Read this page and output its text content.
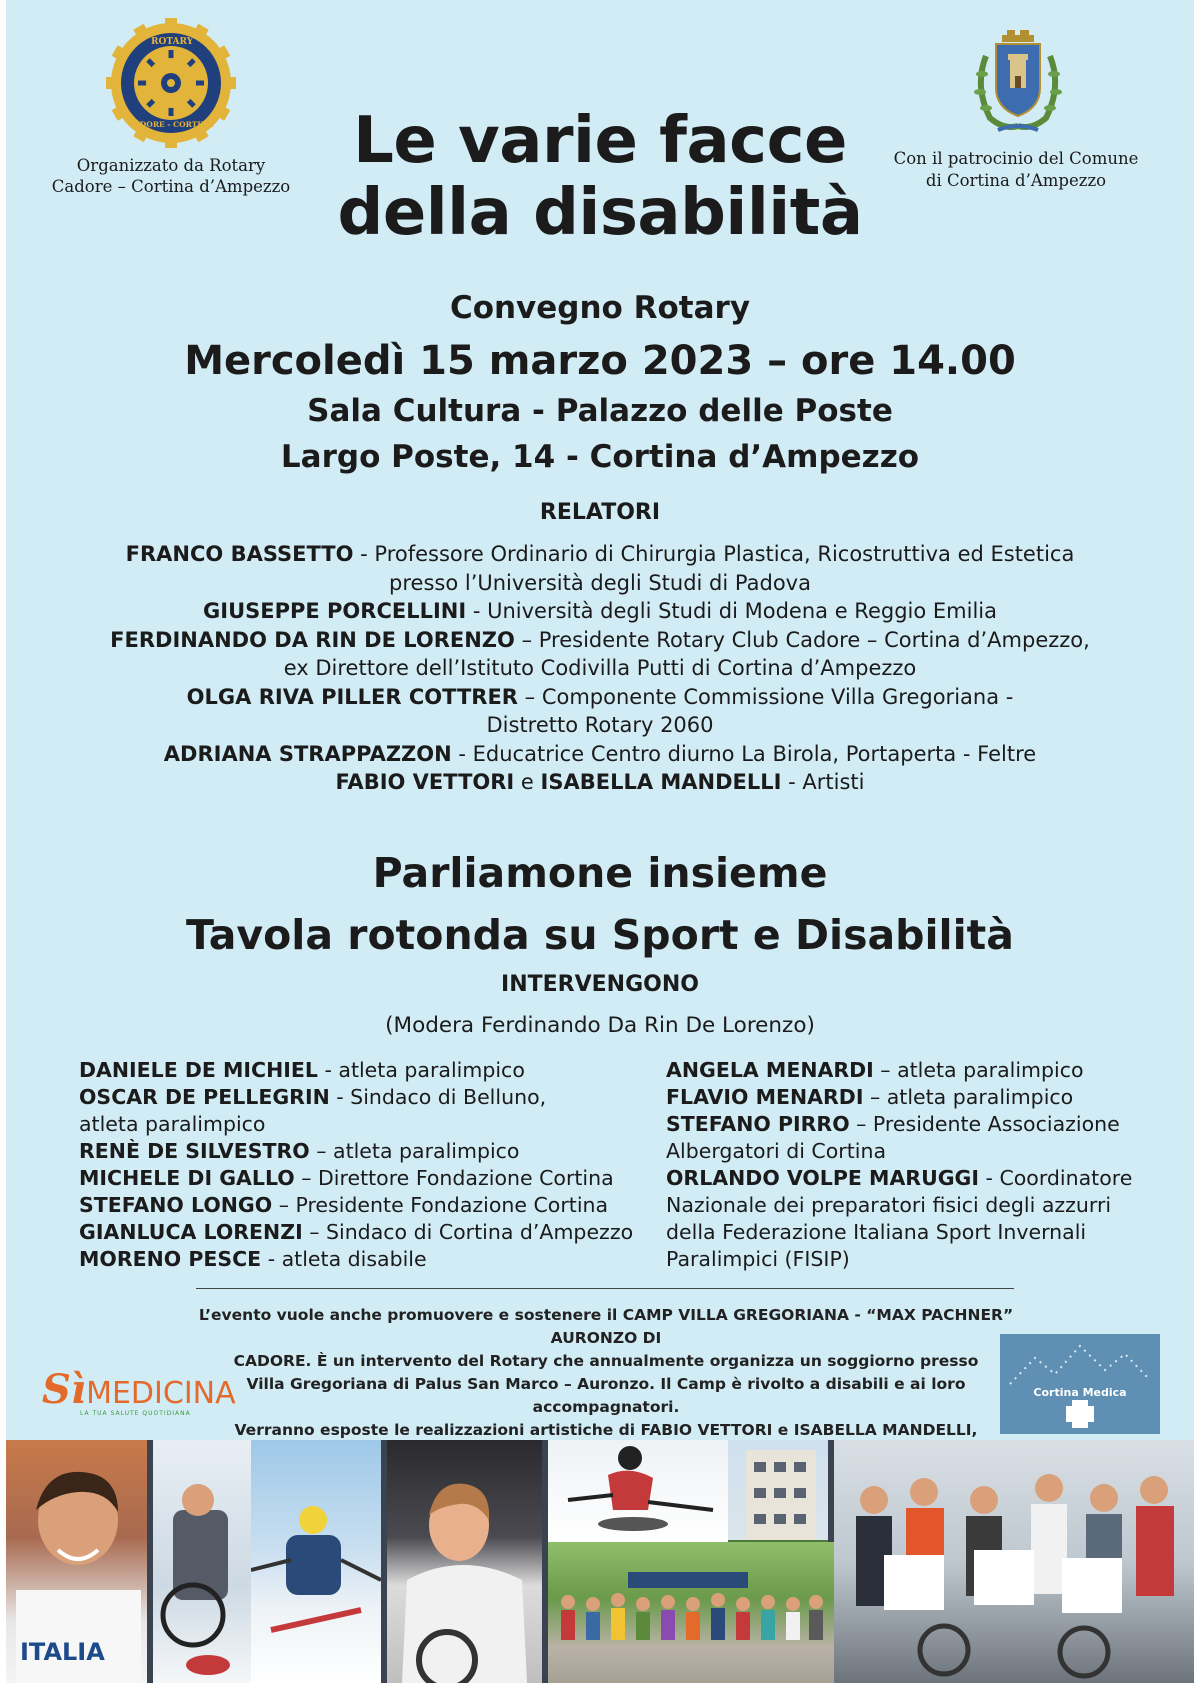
ROTARY
CADORE - CORTINA
Organizzato da Rotary
Cadore – Cortina d’Ampezzo
Con il patrocinio del Comune
di Cortina d’Ampezzo
Le varie facce
della disabilità
Convegno Rotary
Mercoledì 15 marzo 2023 – ore 14.00
Sala Cultura - Palazzo delle Poste
Largo Poste, 14 - Cortina d’Ampezzo
RELATORI
FRANCO BASSETTO - Professore Ordinario di Chirurgia Plastica, Ricostruttiva ed Estetica
presso l’Università degli Studi di Padova
GIUSEPPE PORCELLINI - Università degli Studi di Modena e Reggio Emilia
FERDINANDO DA RIN DE LORENZO – Presidente Rotary Club Cadore – Cortina d’Ampezzo,
ex Direttore dell’Istituto Codivilla Putti di Cortina d’Ampezzo
OLGA RIVA PILLER COTTRER – Componente Commissione Villa Gregoriana -
Distretto Rotary 2060
ADRIANA STRAPPAZZON - Educatrice Centro diurno La Birola, Portaperta - Feltre
FABIO VETTORI e ISABELLA MANDELLI - Artisti
Parliamone insieme
Tavola rotonda su Sport e Disabilità
INTERVENGONO
(Modera Ferdinando Da Rin De Lorenzo)
DANIELE DE MICHIEL - atleta paralimpico
OSCAR DE PELLEGRIN - Sindaco di Belluno,
atleta paralimpico
RENÈ DE SILVESTRO – atleta paralimpico
MICHELE DI GALLO – Direttore Fondazione Cortina
STEFANO LONGO – Presidente Fondazione Cortina
GIANLUCA LORENZI – Sindaco di Cortina d’Ampezzo
MORENO PESCE - atleta disabile
ANGELA MENARDI – atleta paralimpico
FLAVIO MENARDI – atleta paralimpico
STEFANO PIRRO – Presidente Associazione
Albergatori di Cortina
ORLANDO VOLPE MARUGGI - Coordinatore
Nazionale dei preparatori fisici degli azzurri
della Federazione Italiana Sport Invernali
Paralimpici (FISIP)
L’evento vuole anche promuovere e sostenere il CAMP VILLA GREGORIANA - “MAX PACHNER” AURONZO DI
CADORE. È un intervento del Rotary che annualmente organizza un soggiorno presso
Villa Gregoriana di Palus San Marco – Auronzo. Il Camp è rivolto a disabili e ai loro accompagnatori.
Verranno esposte le realizzazioni artistiche di FABIO VETTORI e ISABELLA MANDELLI,
SìMEDICINA
LA TUA SALUTE QUOTIDIANA
Cortina Medica
ITALIA
